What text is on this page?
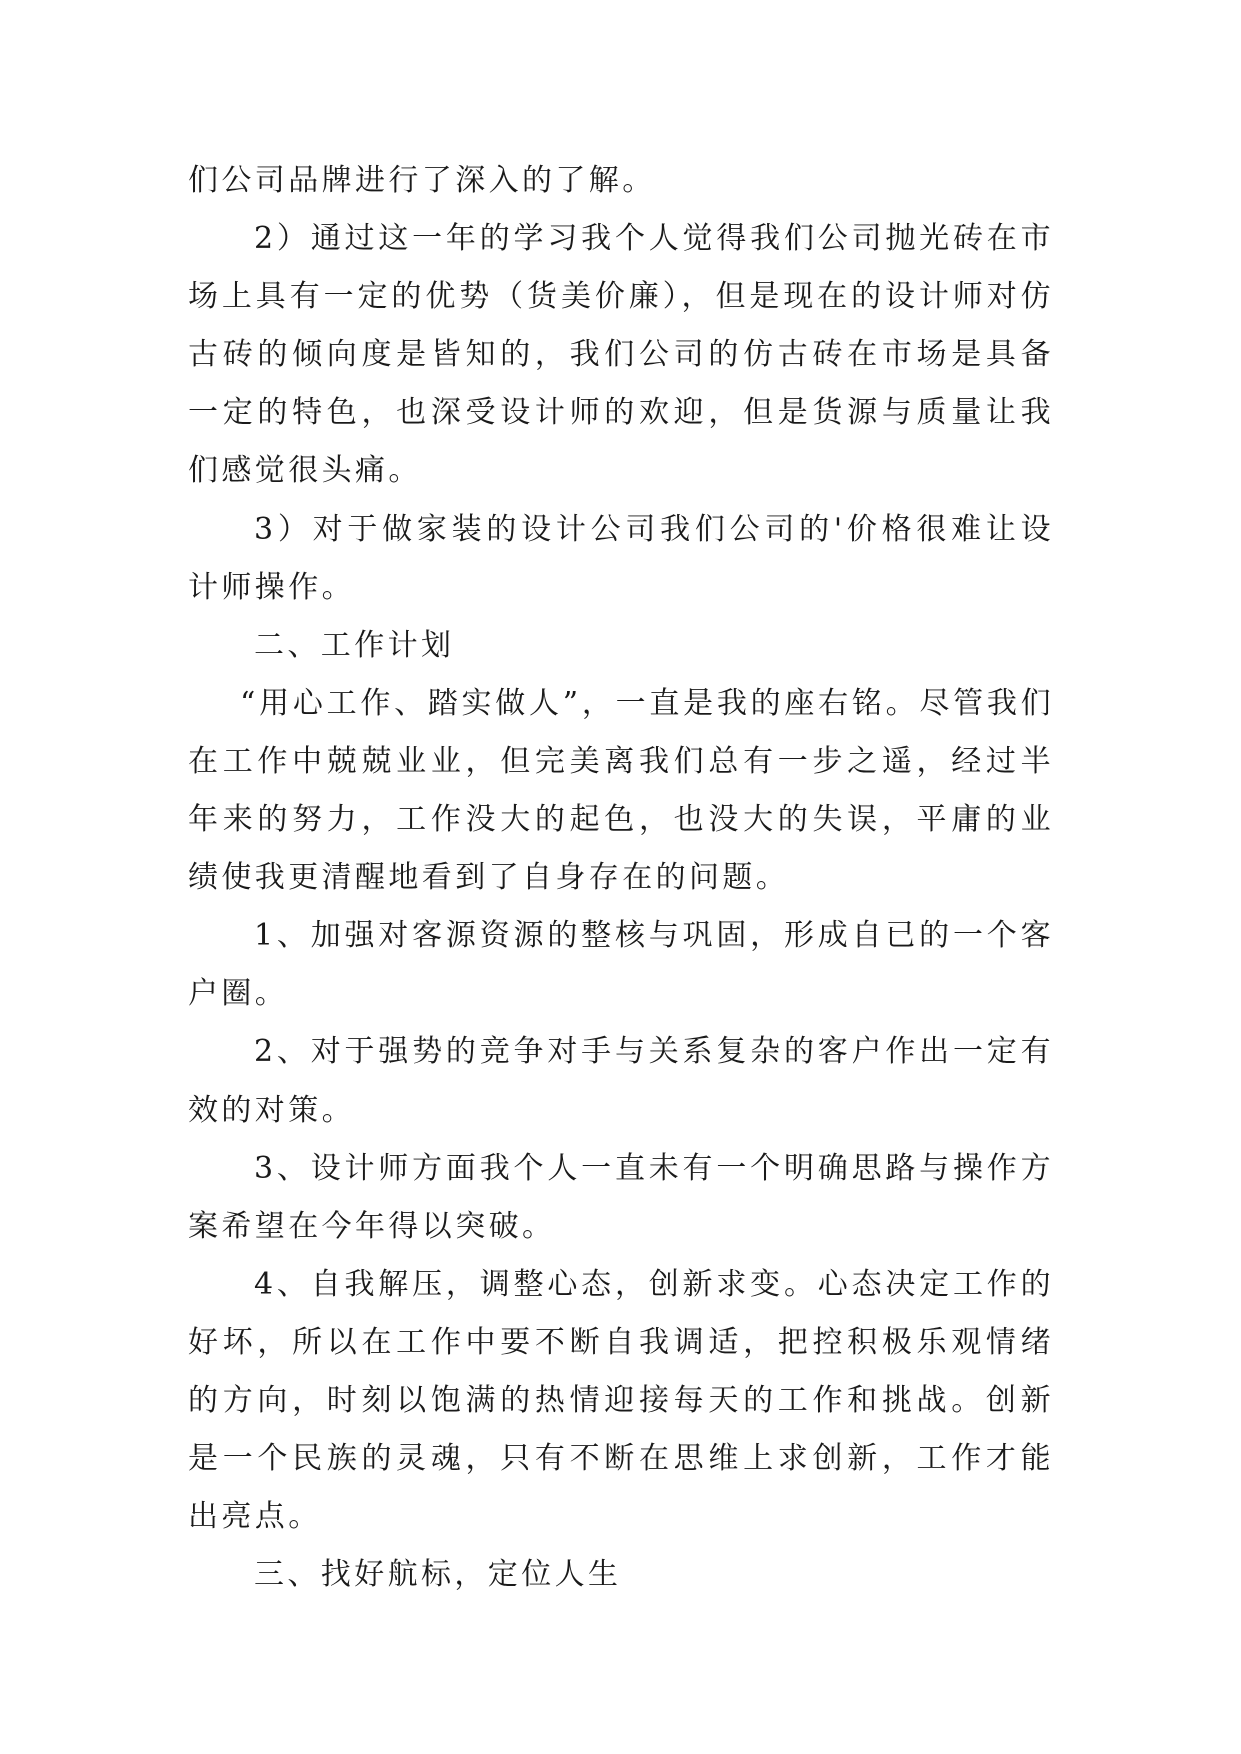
们公司品牌进行了深入的了解。

2）通过这一年的学习我个人觉得我们公司抛光砖在市场上具有一定的优势（货美价廉），但是现在的设计师对仿古砖的倾向度是皆知的，我们公司的仿古砖在市场是具备一定的特色，也深受设计师的欢迎，但是货源与质量让我们感觉很头痛。

3）对于做家装的设计公司我们公司的'价格很难让设计师操作。

二、工作计划

“用心工作、踏实做人”，一直是我的座右铭。尽管我们在工作中兢兢业业，但完美离我们总有一步之遥，经过半年来的努力，工作没大的起色，也没大的失误，平庸的业绩使我更清醒地看到了自身存在的问题。

1、加强对客源资源的整核与巩固，形成自已的一个客户圈。

2、对于强势的竞争对手与关系复杂的客户作出一定有效的对策。

3、设计师方面我个人一直未有一个明确思路与操作方案希望在今年得以突破。

4、自我解压，调整心态，创新求变。心态决定工作的好坏，所以在工作中要不断自我调适，把控积极乐观情绪的方向，时刻以饱满的热情迎接每天的工作和挑战。创新是一个民族的灵魂，只有不断在思维上求创新，工作才能出亮点。

三、找好航标，定位人生
